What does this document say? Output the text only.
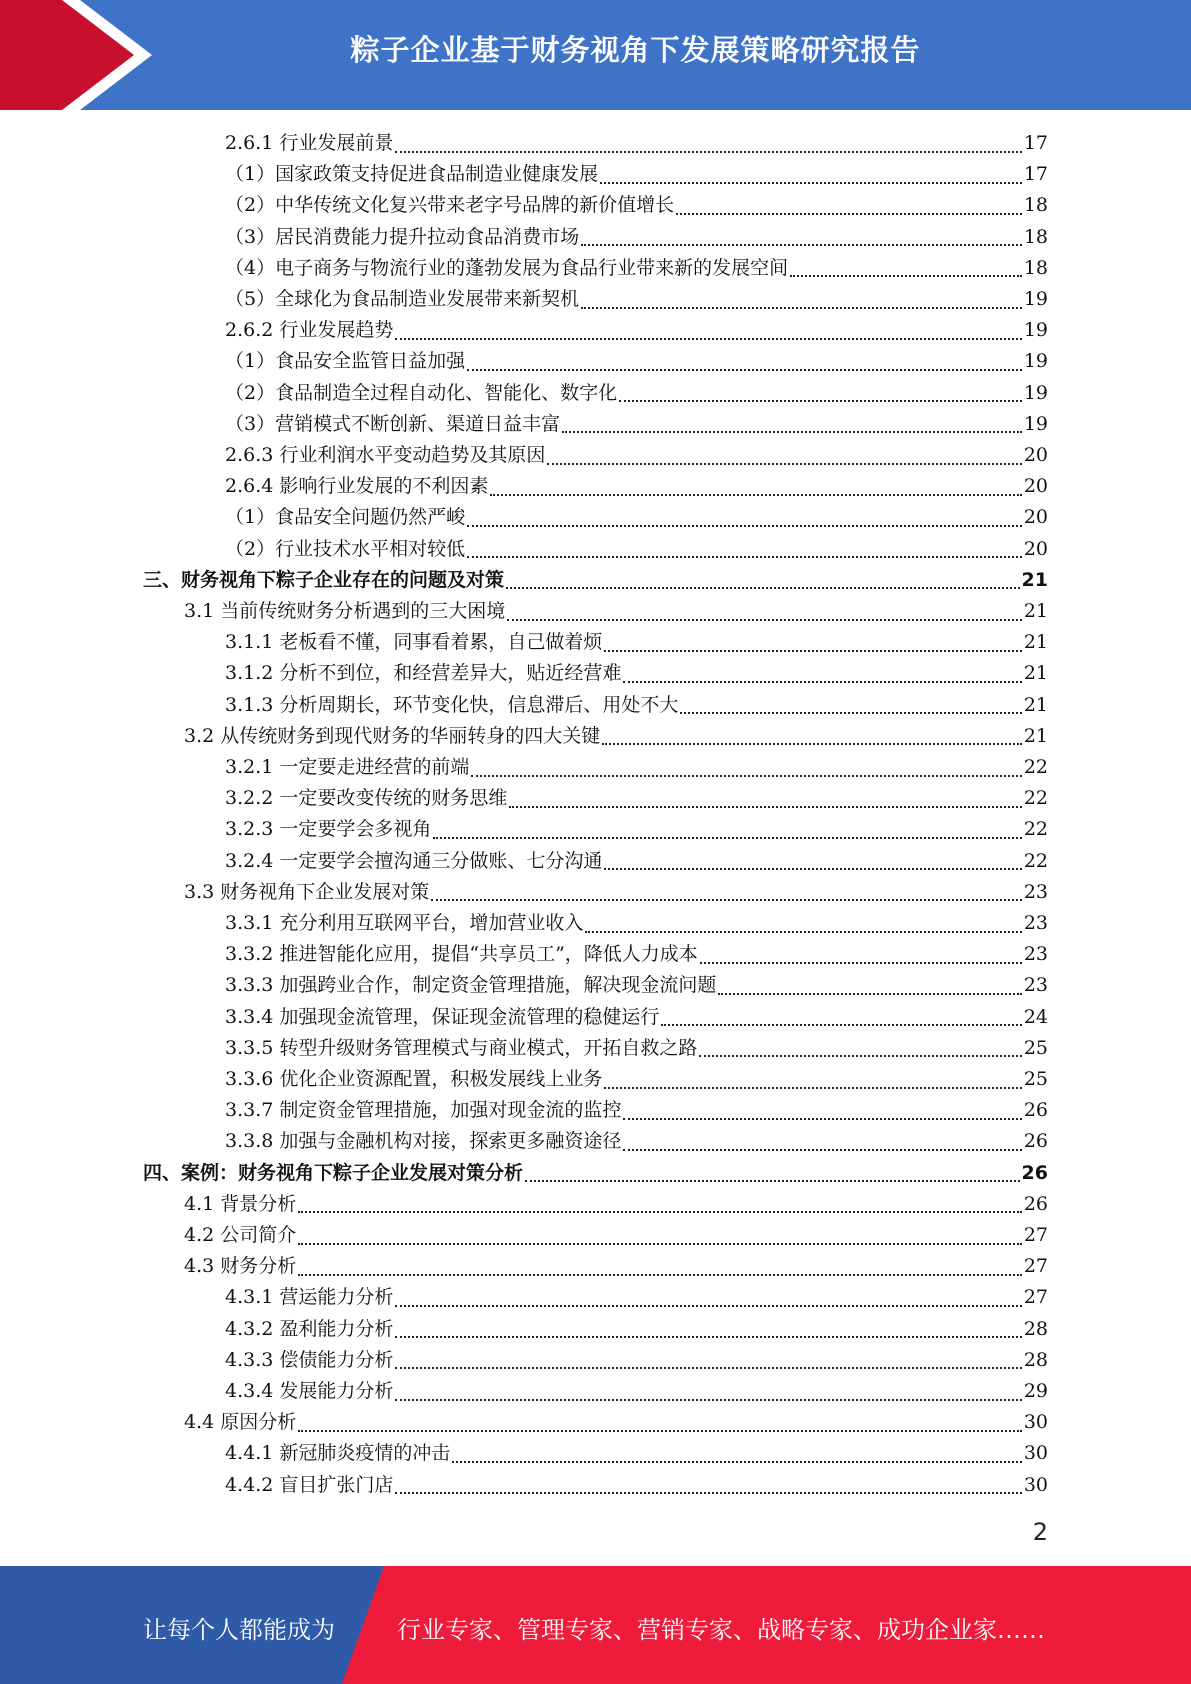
粽子企业基于财务视角下发展策略研究报告
2.6.1 行业发展前景	17
（1）国家政策支持促进食品制造业健康发展	17
（2）中华传统文化复兴带来老字号品牌的新价值增长	18
（3）居民消费能力提升拉动食品消费市场	18
（4）电子商务与物流行业的蓬勃发展为食品行业带来新的发展空间	18
（5）全球化为食品制造业发展带来新契机	19
2.6.2 行业发展趋势	19
（1）食品安全监管日益加强	19
（2）食品制造全过程自动化、智能化、数字化	19
（3）营销模式不断创新、渠道日益丰富	19
2.6.3 行业利润水平变动趋势及其原因	20
2.6.4 影响行业发展的不利因素	20
（1）食品安全问题仍然严峻	20
（2）行业技术水平相对较低	20
三、财务视角下粽子企业存在的问题及对策	21
3.1 当前传统财务分析遇到的三大困境	21
3.1.1 老板看不懂，同事看着累，自己做着烦	21
3.1.2 分析不到位，和经营差异大，贴近经营难	21
3.1.3 分析周期长，环节变化快，信息滞后、用处不大	21
3.2 从传统财务到现代财务的华丽转身的四大关键	21
3.2.1 一定要走进经营的前端	22
3.2.2 一定要改变传统的财务思维	22
3.2.3 一定要学会多视角	22
3.2.4 一定要学会擅沟通三分做账、七分沟通	22
3.3 财务视角下企业发展对策	23
3.3.1 充分利用互联网平台，增加营业收入	23
3.3.2 推进智能化应用，提倡“共享员工”，降低人力成本	23
3.3.3 加强跨业合作，制定资金管理措施，解决现金流问题	23
3.3.4 加强现金流管理，保证现金流管理的稳健运行	24
3.3.5 转型升级财务管理模式与商业模式，开拓自救之路	25
3.3.6 优化企业资源配置，积极发展线上业务	25
3.3.7 制定资金管理措施，加强对现金流的监控	26
3.3.8 加强与金融机构对接，探索更多融资途径	26
四、案例：财务视角下粽子企业发展对策分析	26
4.1 背景分析	26
4.2 公司简介	27
4.3 财务分析	27
4.3.1 营运能力分析	27
4.3.2 盈利能力分析	28
4.3.3 偿债能力分析	28
4.3.4 发展能力分析	29
4.4 原因分析	30
4.4.1 新冠肺炎疫情的冲击	30
4.4.2 盲目扩张门店	30
2
让每个人都能成为	行业专家、管理专家、营销专家、战略专家、成功企业家……
